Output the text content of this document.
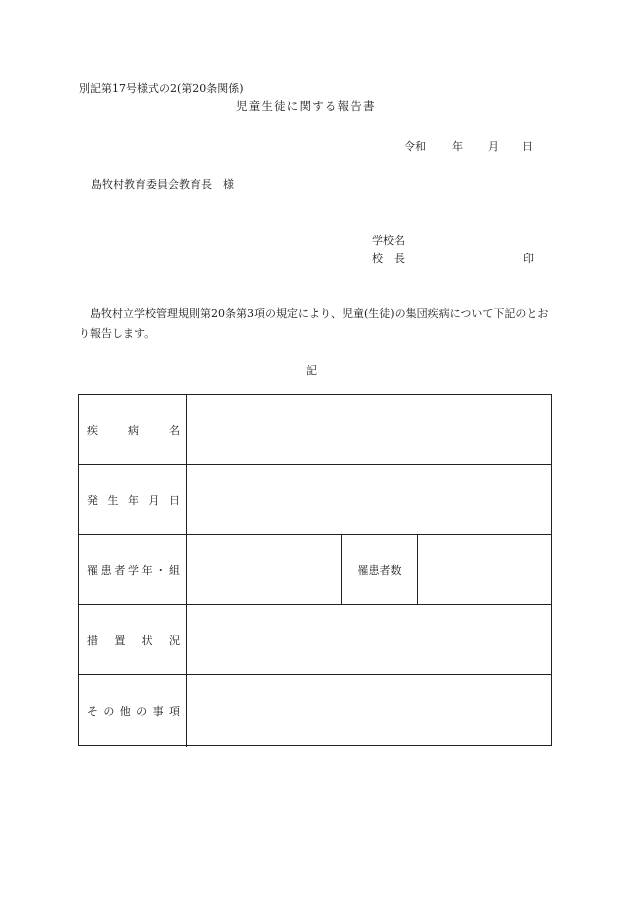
別記第17号様式の2(第20条関係)
児童生徒に関する報告書
令和	年	月	日
島牧村教育委員会教育長　様
学校名
校　長	印
島牧村立学校管理規則第20条第3項の規定により、児童(生徒)の集団疾病について下記のとおり報告します。
記
疾	病	名
発 生 年 月 日
罹 患 者 学 年 ・ 組	罹患者数
措 置 状 況
そ の 他 の 事 項
